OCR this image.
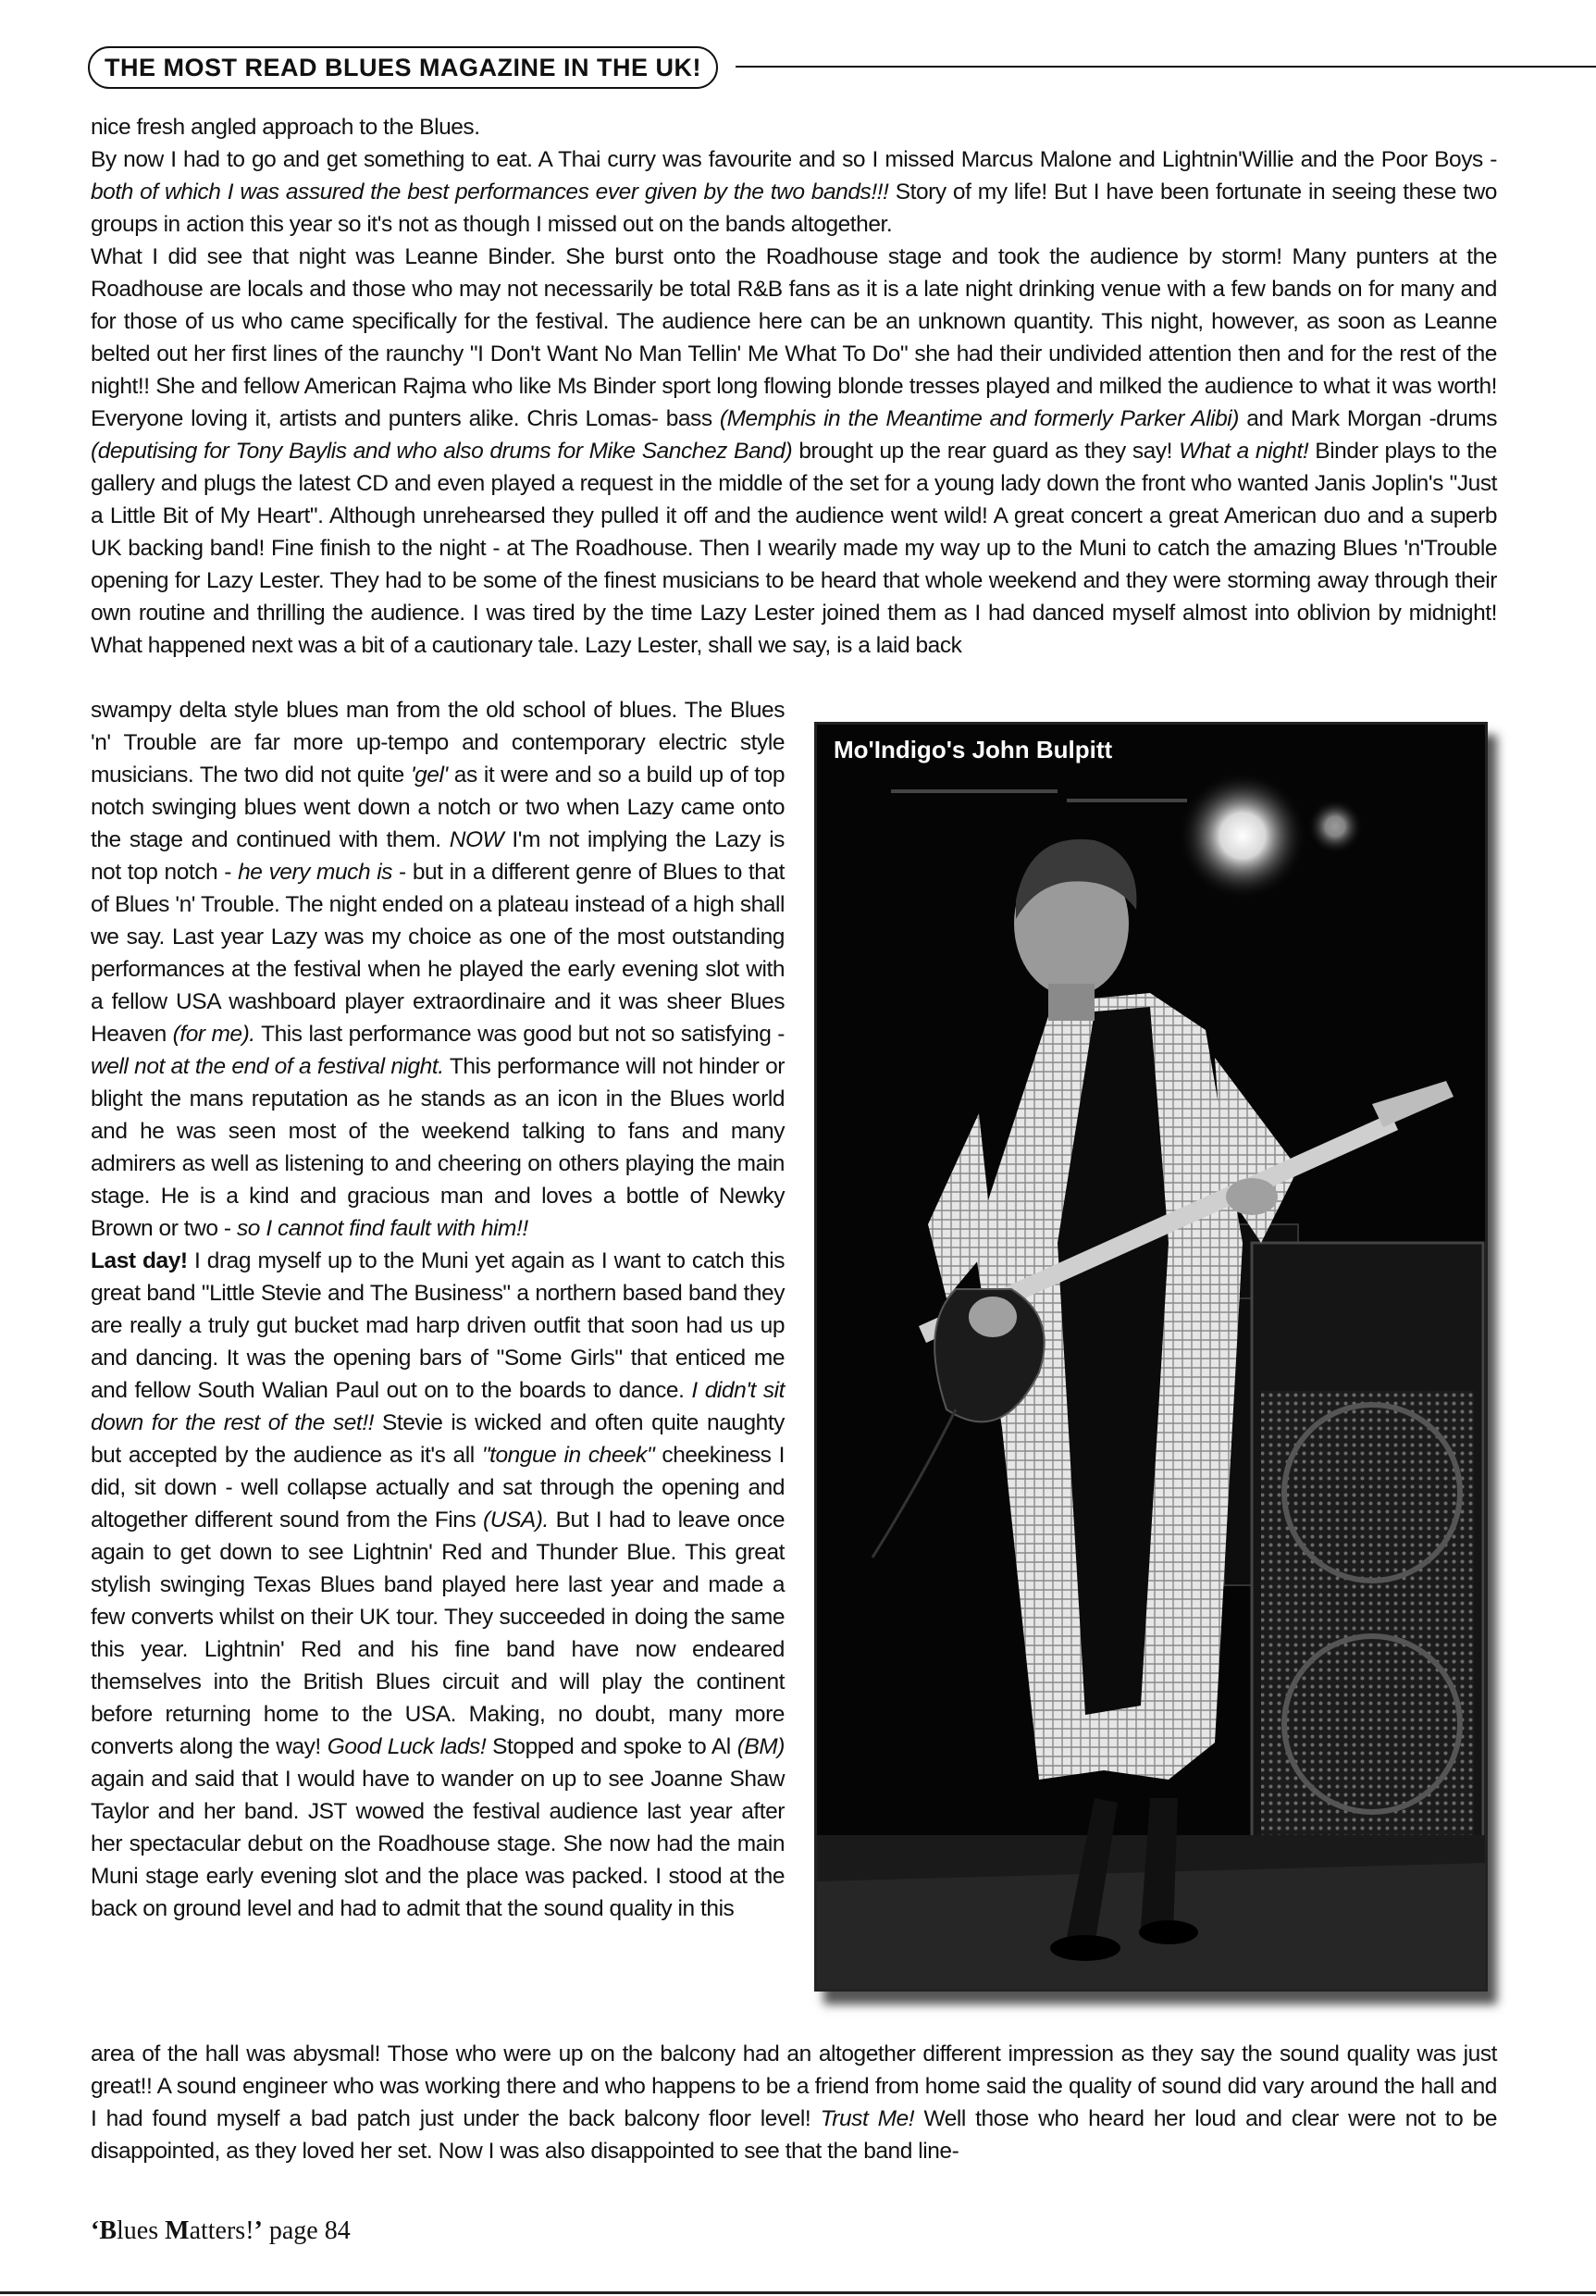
THE MOST READ BLUES MAGAZINE IN THE UK!

nice fresh angled approach to the Blues.

By now I had to go and get something to eat. A Thai curry was favourite and so I missed Marcus Malone and Lightnin'Willie and the Poor Boys - both of which I was assured the best performances ever given by the two bands!!! Story of my life! But I have been fortunate in seeing these two groups in action this year so it's not as though I missed out on the bands altogether.

What I did see that night was Leanne Binder. She burst onto the Roadhouse stage and took the audience by storm! Many punters at the Roadhouse are locals and those who may not necessarily be total R&B fans as it is a late night drinking venue with a few bands on for many and for those of us who came specifically for the festival. The audience here can be an unknown quantity. This night, however, as soon as Leanne belted out her first lines of the raunchy "I Don't Want No Man Tellin' Me What To Do" she had their undivided attention then and for the rest of the night!! She and fellow American Rajma who like Ms Binder sport long flowing blonde tresses played and milked the audience to what it was worth! Everyone loving it, artists and punters alike. Chris Lomas- bass (Memphis in the Meantime and formerly Parker Alibi) and Mark Morgan -drums (deputising for Tony Baylis and who also drums for Mike Sanchez Band) brought up the rear guard as they say! What a night! Binder plays to the gallery and plugs the latest CD and even played a request in the middle of the set for a young lady down the front who wanted Janis Joplin's "Just a Little Bit of My Heart". Although unrehearsed they pulled it off and the audience went wild! A great concert a great American duo and a superb UK backing band! Fine finish to the night - at The Roadhouse. Then I wearily made my way up to the Muni to catch the amazing Blues 'n'Trouble opening for Lazy Lester. They had to be some of the finest musicians to be heard that whole weekend and they were storming away through their own routine and thrilling the audience. I was tired by the time Lazy Lester joined them as I had danced myself almost into oblivion by midnight! What happened next was a bit of a cautionary tale. Lazy Lester, shall we say, is a laid back

swampy delta style blues man from the old school of blues. The Blues 'n' Trouble are far more up-tempo and contemporary electric style musicians. The two did not quite 'gel' as it were and so a build up of top notch swinging blues went down a notch or two when Lazy came onto the stage and continued with them. NOW I'm not implying the Lazy is not top notch - he very much is - but in a different genre of Blues to that of Blues 'n' Trouble. The night ended on a plateau instead of a high shall we say. Last year Lazy was my choice as one of the most outstanding performances at the festival when he played the early evening slot with a fellow USA washboard player extraordinaire and it was sheer Blues Heaven (for me). This last performance was good but not so satisfying - well not at the end of a festival night. This performance will not hinder or blight the mans reputation as he stands as an icon in the Blues world and he was seen most of the weekend talking to fans and many admirers as well as listening to and cheering on others playing the main stage. He is a kind and gracious man and loves a bottle of Newky Brown or two - so I cannot find fault with him!!

Last day! I drag myself up to the Muni yet again as I want to catch this great band "Little Stevie and The Business" a northern based band they are really a truly gut bucket mad harp driven outfit that soon had us up and dancing. It was the opening bars of "Some Girls" that enticed me and fellow South Walian Paul out on to the boards to dance. I didn't sit down for the rest of the set!! Stevie is wicked and often quite naughty but accepted by the audience as it's all "tongue in cheek" cheekiness I did, sit down - well collapse actually and sat through the opening and altogether different sound from the Fins (USA). But I had to leave once again to get down to see Lightnin' Red and Thunder Blue. This great stylish swinging Texas Blues band played here last year and made a few converts whilst on their UK tour. They succeeded in doing the same this year. Lightnin' Red and his fine band have now endeared themselves into the British Blues circuit and will play the continent before returning home to the USA. Making, no doubt, many more converts along the way! Good Luck lads! Stopped and spoke to Al (BM) again and said that I would have to wander on up to see Joanne Shaw Taylor and her band. JST wowed the festival audience last year after her spectacular debut on the Roadhouse stage. She now had the main Muni stage early evening slot and the place was packed. I stood at the back on ground level and had to admit that the sound quality in this

Mo'Indigo's John Bulpitt

area of the hall was abysmal! Those who were up on the balcony had an altogether different impression as they say the sound quality was just great!! A sound engineer who was working there and who happens to be a friend from home said the quality of sound did vary around the hall and I had found myself a bad patch just under the back balcony floor level! Trust Me! Well those who heard her loud and clear were not to be disappointed, as they loved her set. Now I was also disappointed to see that the band line-

‘Blues Matters!’ page 84
